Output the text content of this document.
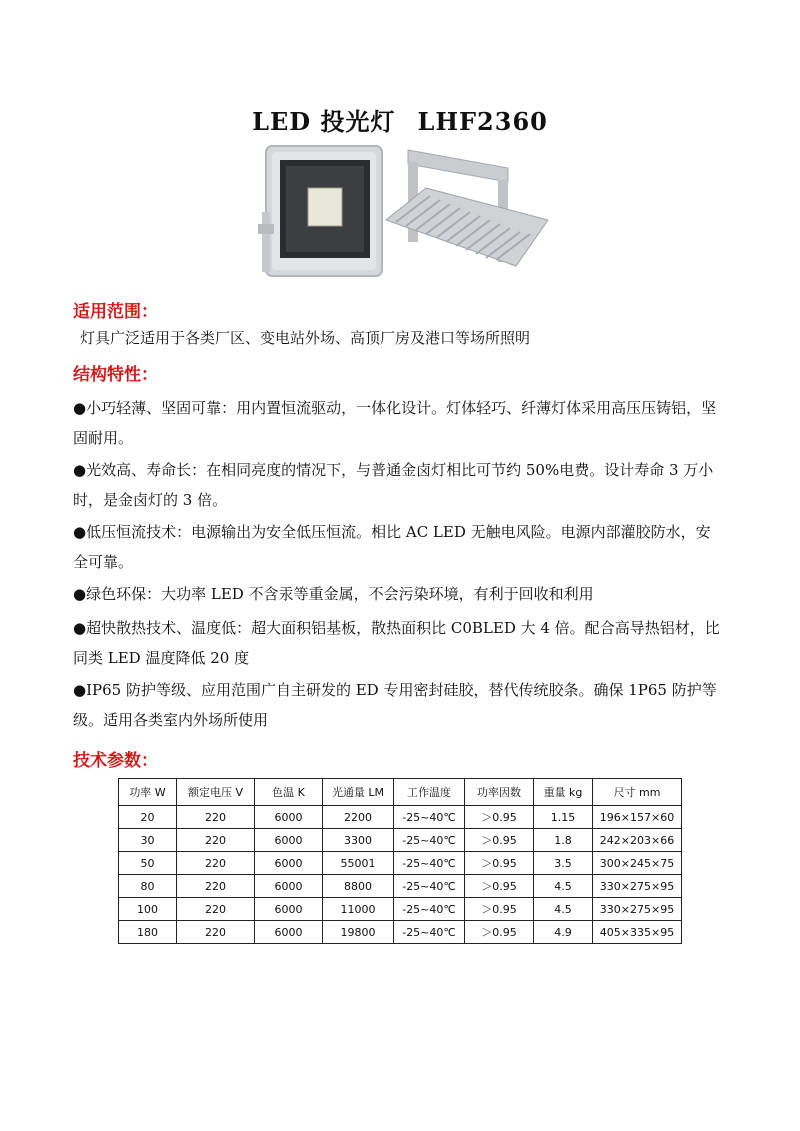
LED 投光灯 LHF2360
适用范围：
灯具广泛适用于各类厂区、变电站外场、高顶厂房及港口等场所照明
结构特性：
●小巧轻薄、坚固可靠：用内置恒流驱动，一体化设计。灯体轻巧、纤薄灯体采用高压压铸铝，坚固耐用。
●光效高、寿命长：在相同亮度的情况下，与普通金卤灯相比可节约 50%电费。设计寿命 3 万小时，是金卤灯的 3 倍。
●低压恒流技术：电源输出为安全低压恒流。相比 AC LED 无触电风险。电源内部灌胶防水，安全可靠。
●绿色环保：大功率 LED 不含汞等重金属，不会污染环境，有利于回收和利用
●超快散热技术、温度低：超大面积铝基板，散热面积比 C0BLED 大 4 倍。配合高导热铝材，比同类 LED 温度降低 20 度
●IP65 防护等级、应用范围广自主研发的 ED 专用密封硅胶，替代传统胶条。确保 1P65 防护等级。适用各类室内外场所使用
技术参数：
功率 W	额定电压 V	色温 K	光通量 LM	工作温度	功率因数	重量 kg	尺寸 mm
20	220	6000	2200	-25~40℃	＞0.95	1.15	196×157×60
30	220	6000	3300	-25~40℃	＞0.95	1.8	242×203×66
50	220	6000	55001	-25~40℃	＞0.95	3.5	300×245×75
80	220	6000	8800	-25~40℃	＞0.95	4.5	330×275×95
100	220	6000	11000	-25~40℃	＞0.95	4.5	330×275×95
180	220	6000	19800	-25~40℃	＞0.95	4.9	405×335×95
